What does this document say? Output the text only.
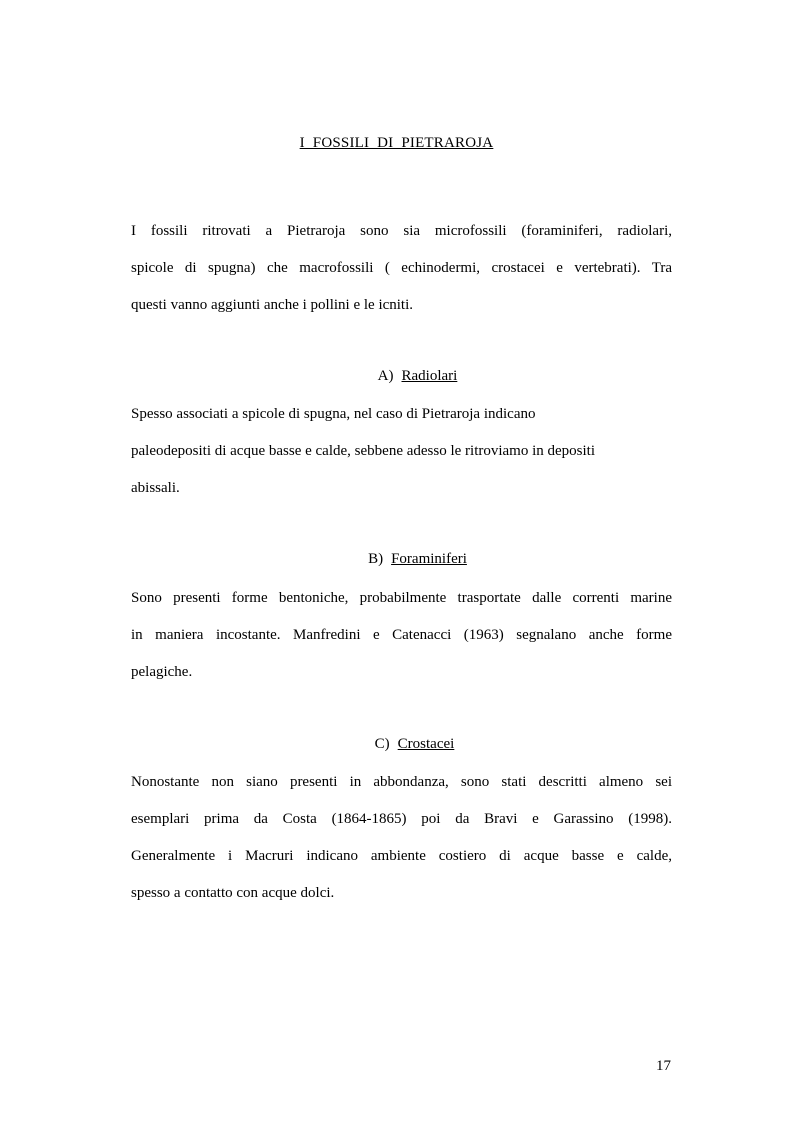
I FOSSILI DI PIETRAROJA
I fossili ritrovati a Pietraroja sono sia microfossili (foraminiferi, radiolari,
spicole di spugna) che macrofossili ( echinodermi, crostacei e vertebrati). Tra
questi vanno aggiunti anche i pollini e le icniti.
A) Radiolari
Spesso associati a spicole di spugna, nel caso di Pietraroja indicano
paleodepositi di acque basse e calde, sebbene adesso le ritroviamo in depositi
abissali.
B) Foraminiferi
Sono presenti forme bentoniche, probabilmente trasportate dalle correnti marine
in maniera incostante. Manfredini e Catenacci (1963) segnalano anche forme
pelagiche.
C) Crostacei
Nonostante non siano presenti in abbondanza, sono stati descritti almeno sei
esemplari prima da Costa (1864-1865) poi da Bravi e Garassino (1998).
Generalmente i Macruri indicano ambiente costiero di acque basse e calde,
spesso a contatto con acque dolci.
17
